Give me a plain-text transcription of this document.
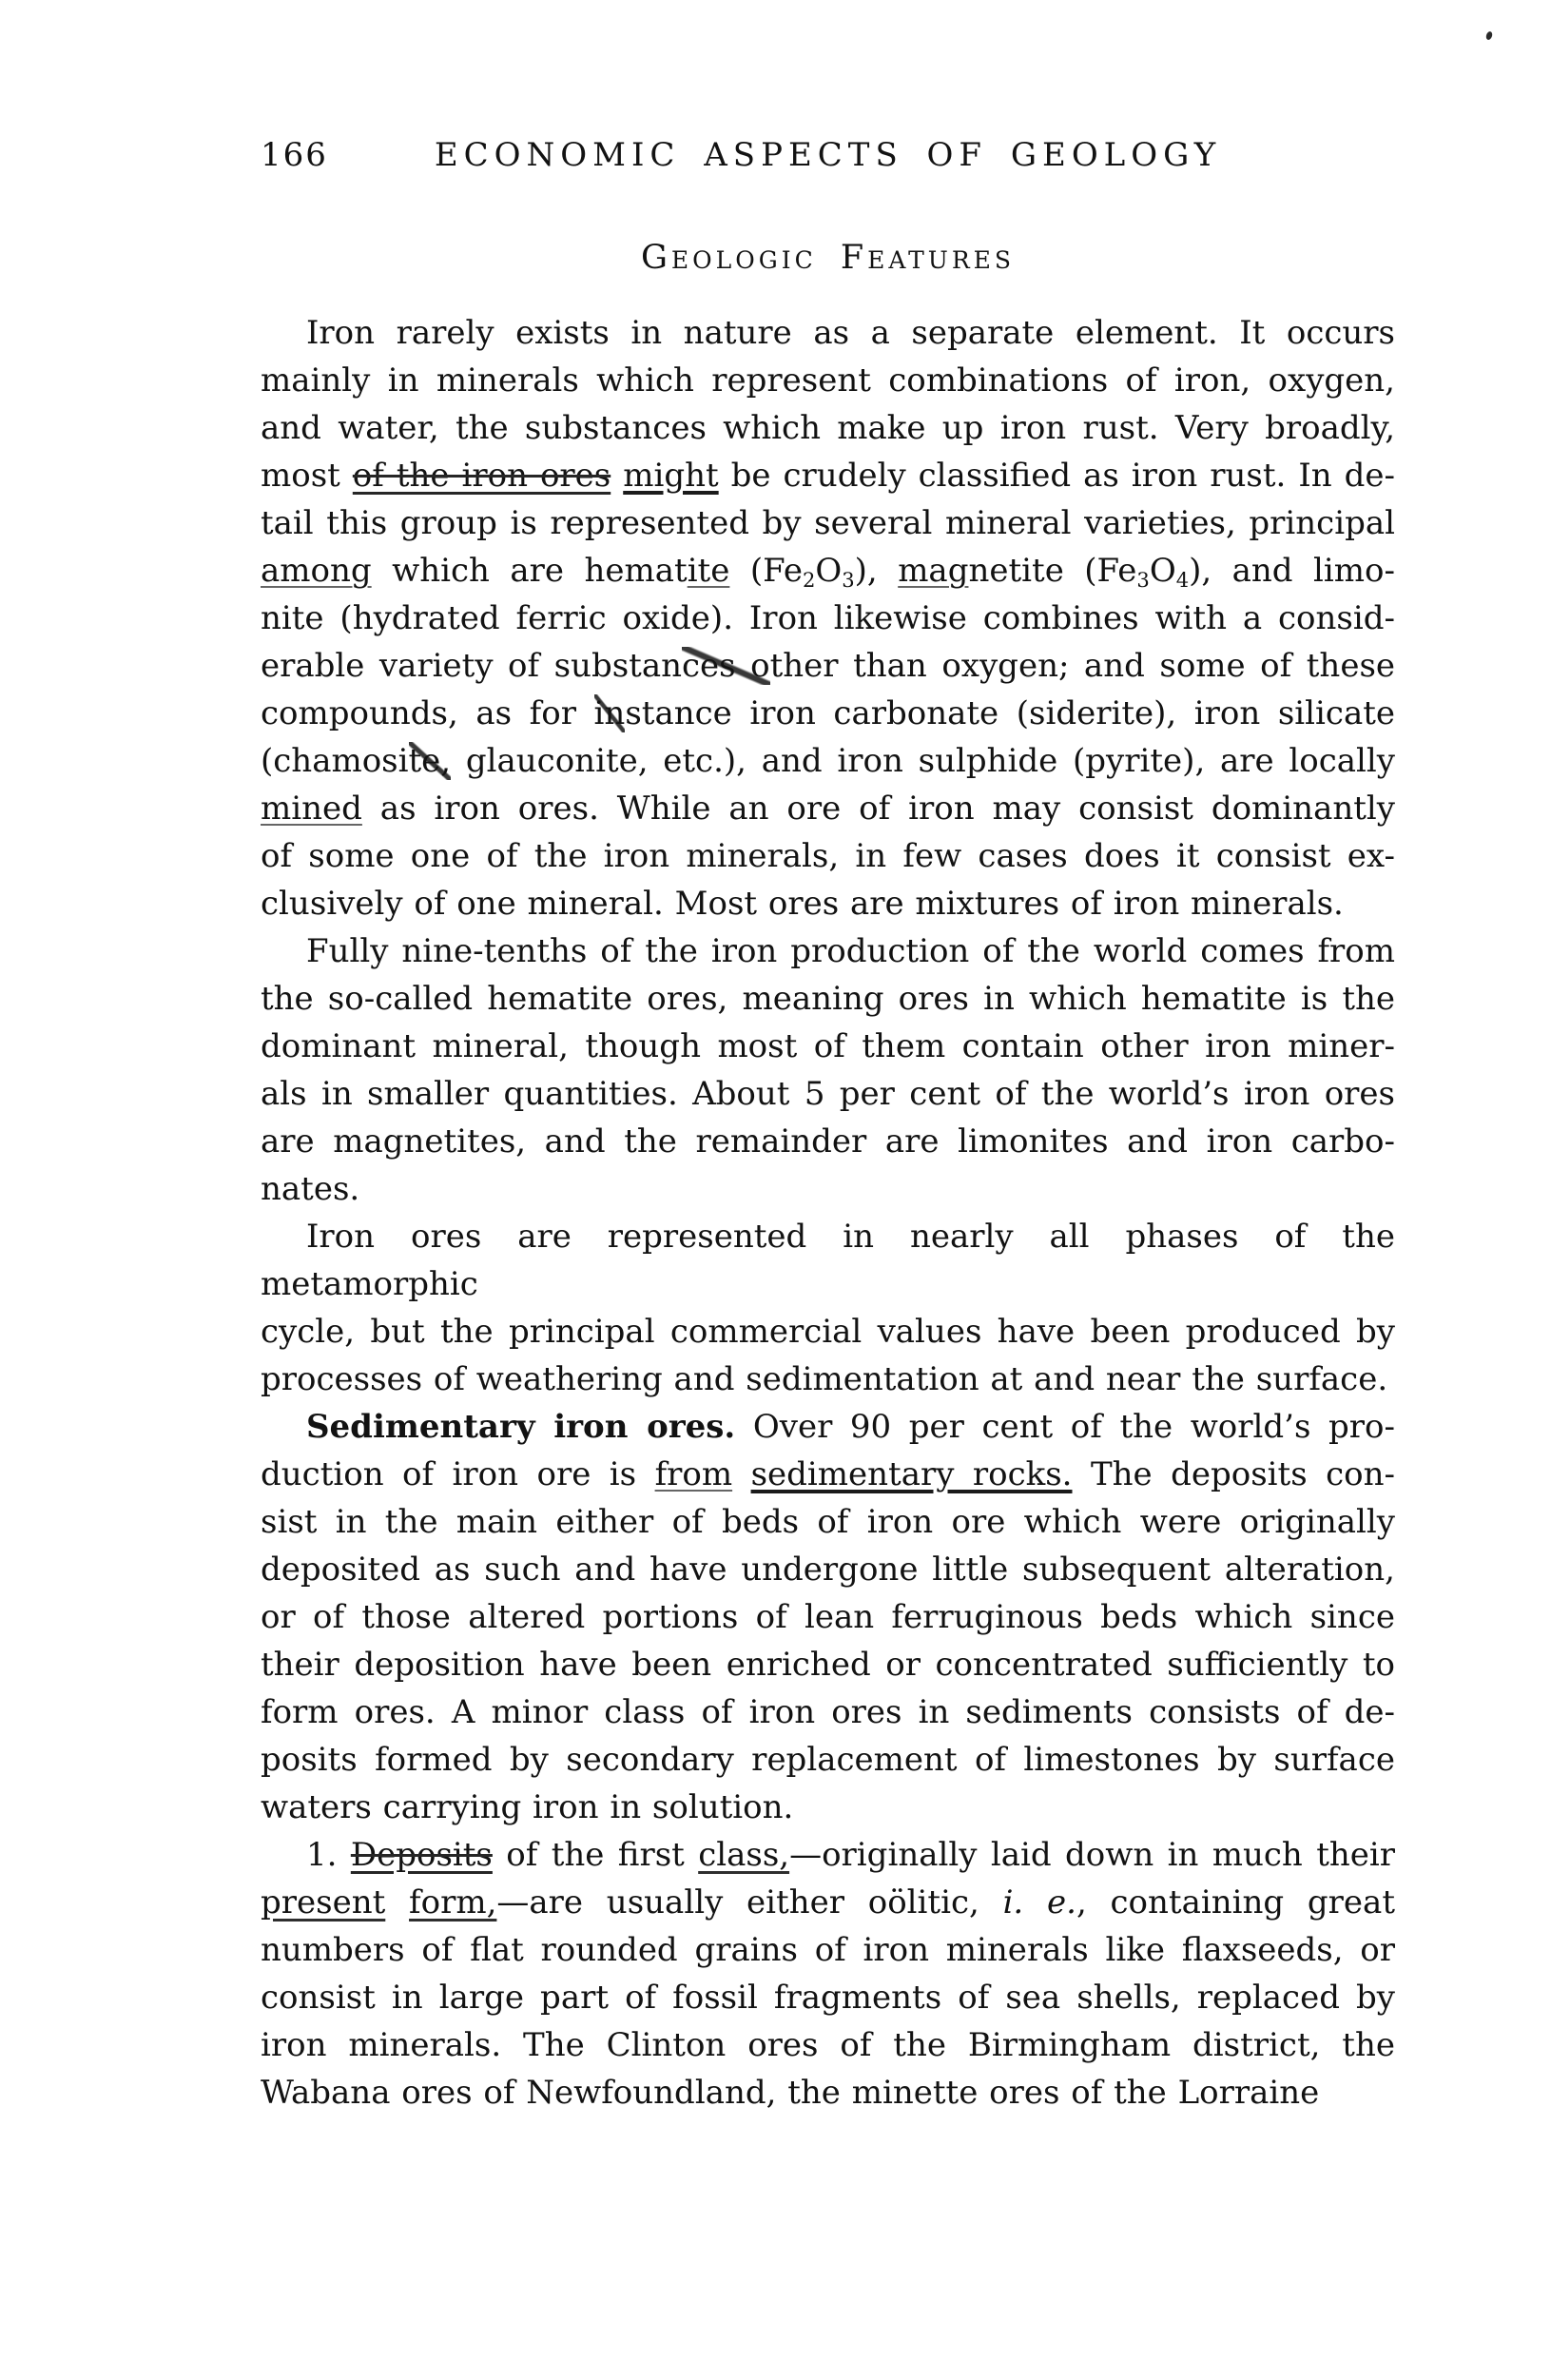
166	ECONOMIC ASPECTS OF GEOLOGY
Geologic Features
Iron rarely exists in nature as a separate element. It occurs
mainly in minerals which represent combinations of iron, oxygen,
and water, the substances which make up iron rust. Very broadly,
most of the iron ores might be crudely classified as iron rust. In de-
tail this group is represented by several mineral varieties, principal
among which are hematite (Fe2O3), magnetite (Fe3O4), and limo-
nite (hydrated ferric oxide). Iron likewise combines with a consid-
erable variety of substances other than oxygen; and some of these
compounds, as for instance iron carbonate (siderite), iron silicate
(chamosite, glauconite, etc.), and iron sulphide (pyrite), are locally
mined as iron ores. While an ore of iron may consist dominantly
of some one of the iron minerals, in few cases does it consist ex-
clusively of one mineral. Most ores are mixtures of iron minerals.
Fully nine-tenths of the iron production of the world comes from
the so-called hematite ores, meaning ores in which hematite is the
dominant mineral, though most of them contain other iron miner-
als in smaller quantities. About 5 per cent of the world’s iron ores
are magnetites, and the remainder are limonites and iron carbo-
nates.
Iron ores are represented in nearly all phases of the metamorphic
cycle, but the principal commercial values have been produced by
processes of weathering and sedimentation at and near the surface.
Sedimentary iron ores. Over 90 per cent of the world’s pro-
duction of iron ore is from sedimentary rocks. The deposits con-
sist in the main either of beds of iron ore which were originally
deposited as such and have undergone little subsequent alteration,
or of those altered portions of lean ferruginous beds which since
their deposition have been enriched or concentrated sufficiently to
form ores. A minor class of iron ores in sediments consists of de-
posits formed by secondary replacement of limestones by surface
waters carrying iron in solution.
1. Deposits of the first class,—originally laid down in much their
present form,—are usually either oölitic, i. e., containing great
numbers of flat rounded grains of iron minerals like flaxseeds, or
consist in large part of fossil fragments of sea shells, replaced by
iron minerals. The Clinton ores of the Birmingham district, the
Wabana ores of Newfoundland, the minette ores of the Lorraine
